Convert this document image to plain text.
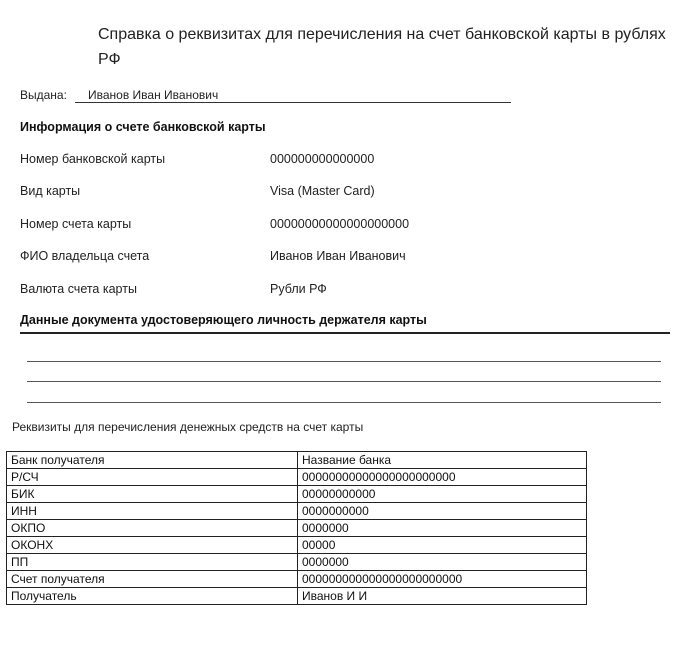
Справка о реквизитах для перечисления на счет банковской карты в рублях РФ
Выдана: Иванов Иван Иванович
Информация о счете банковской карты
Номер банковской карты	000000000000000
Вид карты	Visa (Master Card)
Номер счета карты	00000000000000000000
ФИО владельца счета	Иванов Иван Иванович
Валюта счета карты	Рубли РФ
Данные документа удостоверяющего личность держателя карты
Реквизиты для перечисления денежных средств на счет карты
Банк получателя	Название банка
Р/СЧ	00000000000000000000000
БИК	00000000000
ИНН	0000000000
ОКПО	0000000
ОКОНХ	00000
ПП	0000000
Счет получателя	000000000000000000000000
Получатель	Иванов И И
